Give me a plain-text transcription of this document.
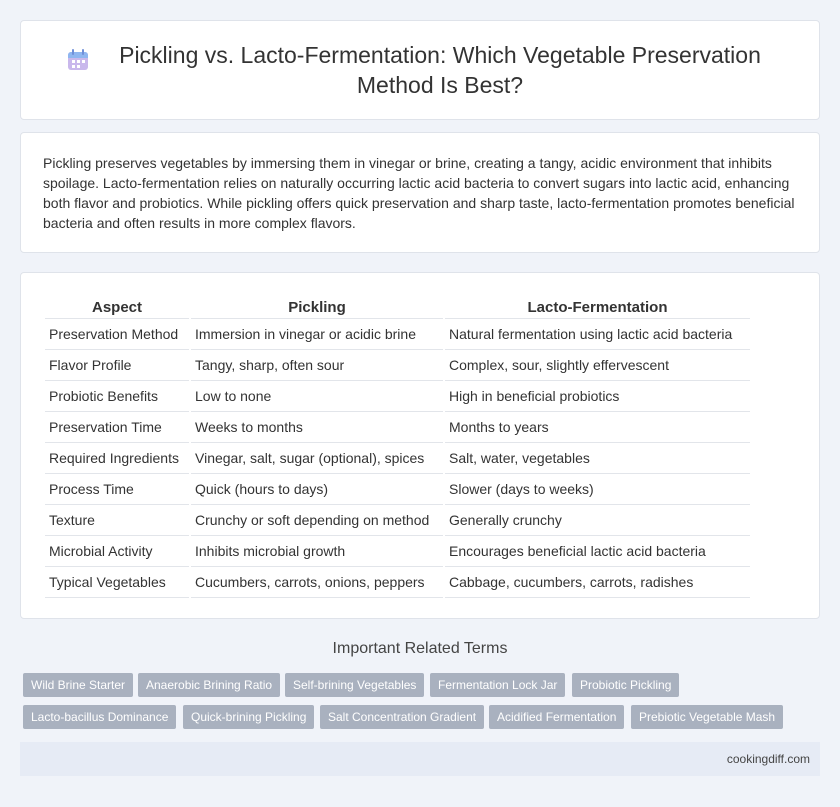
Pickling vs. Lacto-Fermentation: Which Vegetable Preservation
Method Is Best?

Pickling preserves vegetables by immersing them in vinegar or brine, creating a tangy, acidic environment that inhibits spoilage. Lacto-fermentation relies on naturally occurring lactic acid bacteria to convert sugars into lactic acid, enhancing both flavor and probiotics. While pickling offers quick preservation and sharp taste, lacto-fermentation promotes beneficial bacteria and often results in more complex flavors.

Aspect	Pickling	Lacto-Fermentation
Preservation Method	Immersion in vinegar or acidic brine	Natural fermentation using lactic acid bacteria
Flavor Profile	Tangy, sharp, often sour	Complex, sour, slightly effervescent
Probiotic Benefits	Low to none	High in beneficial probiotics
Preservation Time	Weeks to months	Months to years
Required Ingredients	Vinegar, salt, sugar (optional), spices	Salt, water, vegetables
Process Time	Quick (hours to days)	Slower (days to weeks)
Texture	Crunchy or soft depending on method	Generally crunchy
Microbial Activity	Inhibits microbial growth	Encourages beneficial lactic acid bacteria
Typical Vegetables	Cucumbers, carrots, onions, peppers	Cabbage, cucumbers, carrots, radishes
Important Related Terms
Wild Brine Starter	Anaerobic Brining Ratio	Self-brining Vegetables	Fermentation Lock Jar	Probiotic Pickling
Lacto-bacillus Dominance	Quick-brining Pickling	Salt Concentration Gradient	Acidified Fermentation	Prebiotic Vegetable Mash
cookingdiff.com
